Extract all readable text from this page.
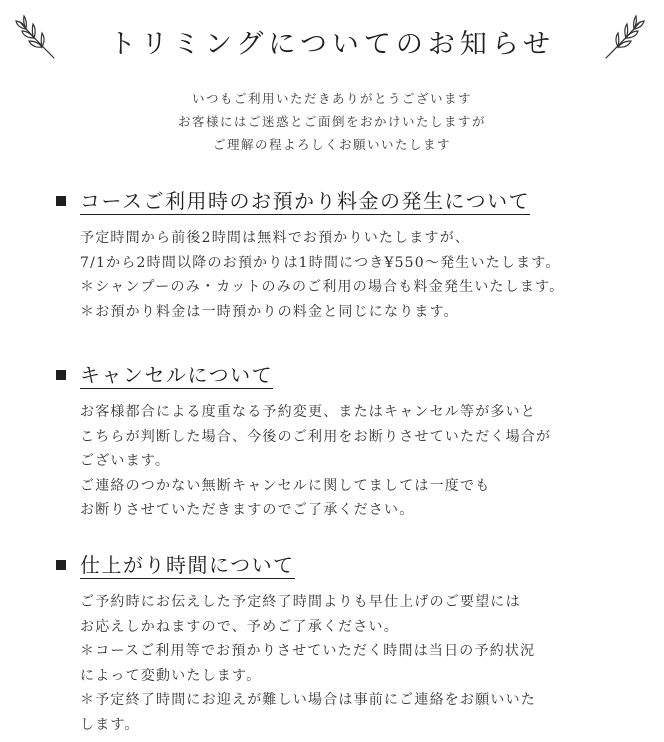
トリミングについてのお知らせ
いつもご利用いただきありがとうございます
お客様にはご迷惑とご面倒をおかけいたしますが
ご理解の程よろしくお願いいたします
コースご利用時のお預かり料金の発生について
予定時間から前後2時間は無料でお預かりいたしますが、
7/1から2時間以降のお預かりは1時間につき¥550〜発生いたします。
＊シャンプーのみ・カットのみのご利用の場合も料金発生いたします。
＊お預かり料金は一時預かりの料金と同じになります。
キャンセルについて
お客様都合による度重なる予約変更、またはキャンセル等が多いと
こちらが判断した場合、今後のご利用をお断りさせていただく場合が
ございます。
ご連絡のつかない無断キャンセルに関してましては一度でも
お断りさせていただきますのでご了承ください。
仕上がり時間について
ご予約時にお伝えした予定終了時間よりも早仕上げのご要望には
お応えしかねますので、予めご了承ください。
＊コースご利用等でお預かりさせていただく時間は当日の予約状況
によって変動いたします。
＊予定終了時間にお迎えが難しい場合は事前にご連絡をお願いいた
します。
